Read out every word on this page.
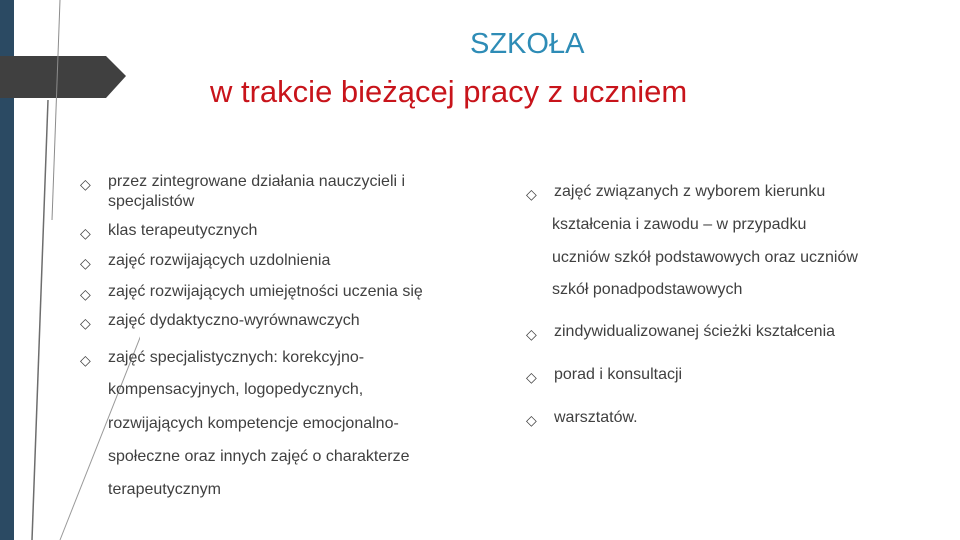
SZKOŁA
w trakcie bieżącej pracy z uczniem
◇	przez zintegrowane działania nauczycieli i specjalistów
◇	klas terapeutycznych
◇	zajęć rozwijających uzdolnienia
◇	zajęć rozwijających umiejętności uczenia się
◇	zajęć dydaktyczno-wyrównawczych
◇	zajęć specjalistycznych: korekcyjno-
kompensacyjnych, logopedycznych,
rozwijających kompetencje emocjonalno-
społeczne oraz innych zajęć o charakterze
terapeutycznym
◇	zajęć związanych z wyborem kierunku
kształcenia i zawodu – w przypadku
uczniów szkół podstawowych oraz uczniów
szkół ponadpodstawowych
◇	zindywidualizowanej ścieżki kształcenia
◇	porad i konsultacji
◇	warsztatów.
